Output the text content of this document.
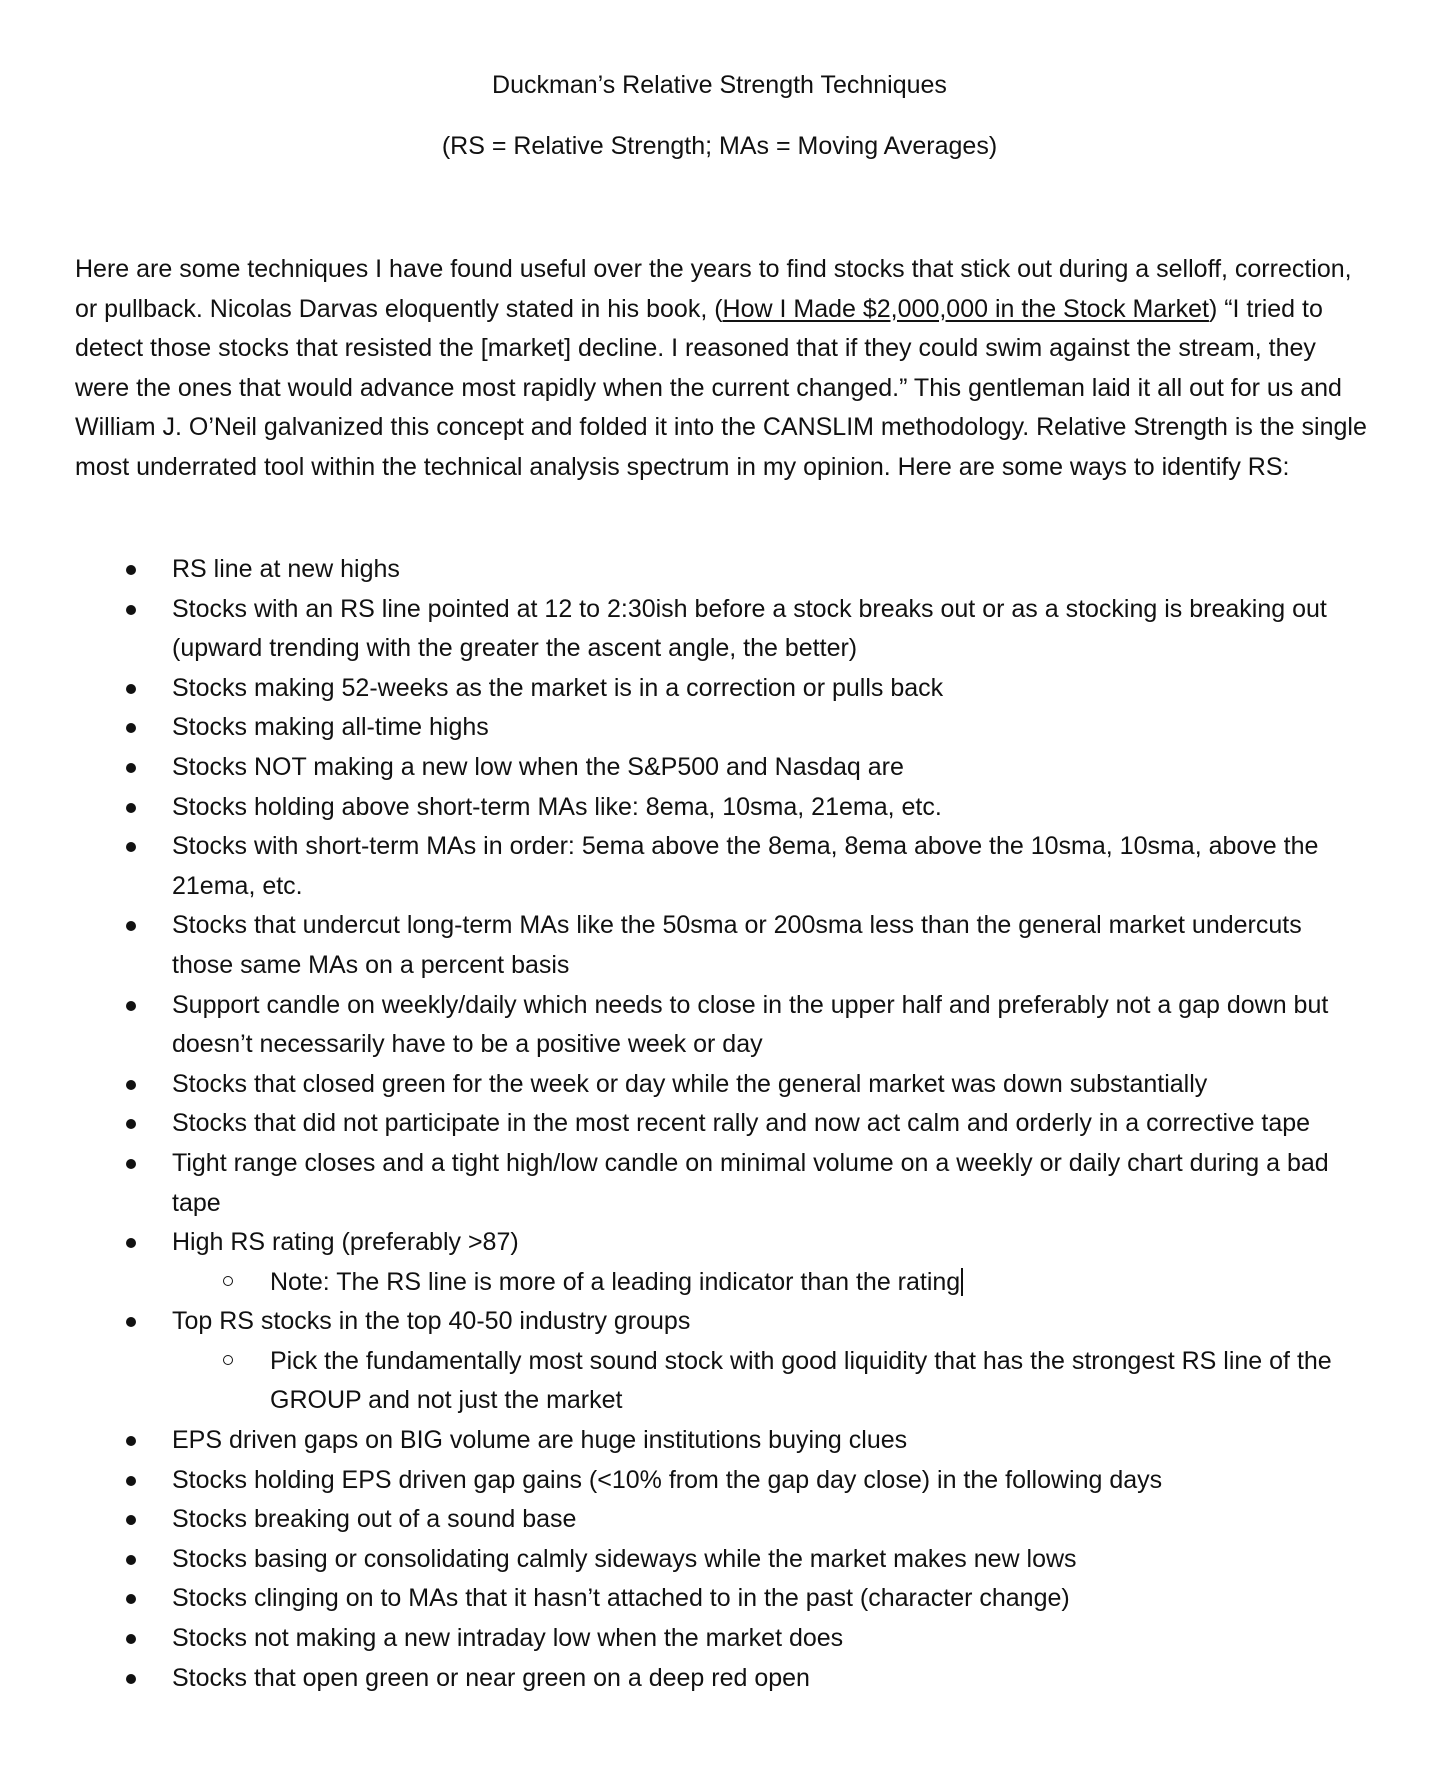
Duckman’s Relative Strength Techniques
(RS = Relative Strength; MAs = Moving Averages)

Here are some techniques I have found useful over the years to find stocks that stick out during a selloff, correction, or pullback. Nicolas Darvas eloquently stated in his book, (How I Made $2,000,000 in the Stock Market) “I tried to detect those stocks that resisted the [market] decline. I reasoned that if they could swim against the stream, they were the ones that would advance most rapidly when the current changed.” This gentleman laid it all out for us and William J. O’Neil galvanized this concept and folded it into the CANSLIM methodology. Relative Strength is the single most underrated tool within the technical analysis spectrum in my opinion. Here are some ways to identify RS:

RS line at new highs
Stocks with an RS line pointed at 12 to 2:30ish before a stock breaks out or as a stocking is breaking out (upward trending with the greater the ascent angle, the better)
Stocks making 52-weeks as the market is in a correction or pulls back
Stocks making all-time highs
Stocks NOT making a new low when the S&P500 and Nasdaq are
Stocks holding above short-term MAs like: 8ema, 10sma, 21ema, etc.
Stocks with short-term MAs in order: 5ema above the 8ema, 8ema above the 10sma, 10sma, above the 21ema, etc.
Stocks that undercut long-term MAs like the 50sma or 200sma less than the general market undercuts those same MAs on a percent basis
Support candle on weekly/daily which needs to close in the upper half and preferably not a gap down but doesn’t necessarily have to be a positive week or day
Stocks that closed green for the week or day while the general market was down substantially
Stocks that did not participate in the most recent rally and now act calm and orderly in a corrective tape
Tight range closes and a tight high/low candle on minimal volume on a weekly or daily chart during a bad tape
High RS rating (preferably >87)
Note: The RS line is more of a leading indicator than the rating
Top RS stocks in the top 40-50 industry groups
Pick the fundamentally most sound stock with good liquidity that has the strongest RS line of the GROUP and not just the market
EPS driven gaps on BIG volume are huge institutions buying clues
Stocks holding EPS driven gap gains (<10% from the gap day close) in the following days
Stocks breaking out of a sound base
Stocks basing or consolidating calmly sideways while the market makes new lows
Stocks clinging on to MAs that it hasn’t attached to in the past (character change)
Stocks not making a new intraday low when the market does
Stocks that open green or near green on a deep red open
